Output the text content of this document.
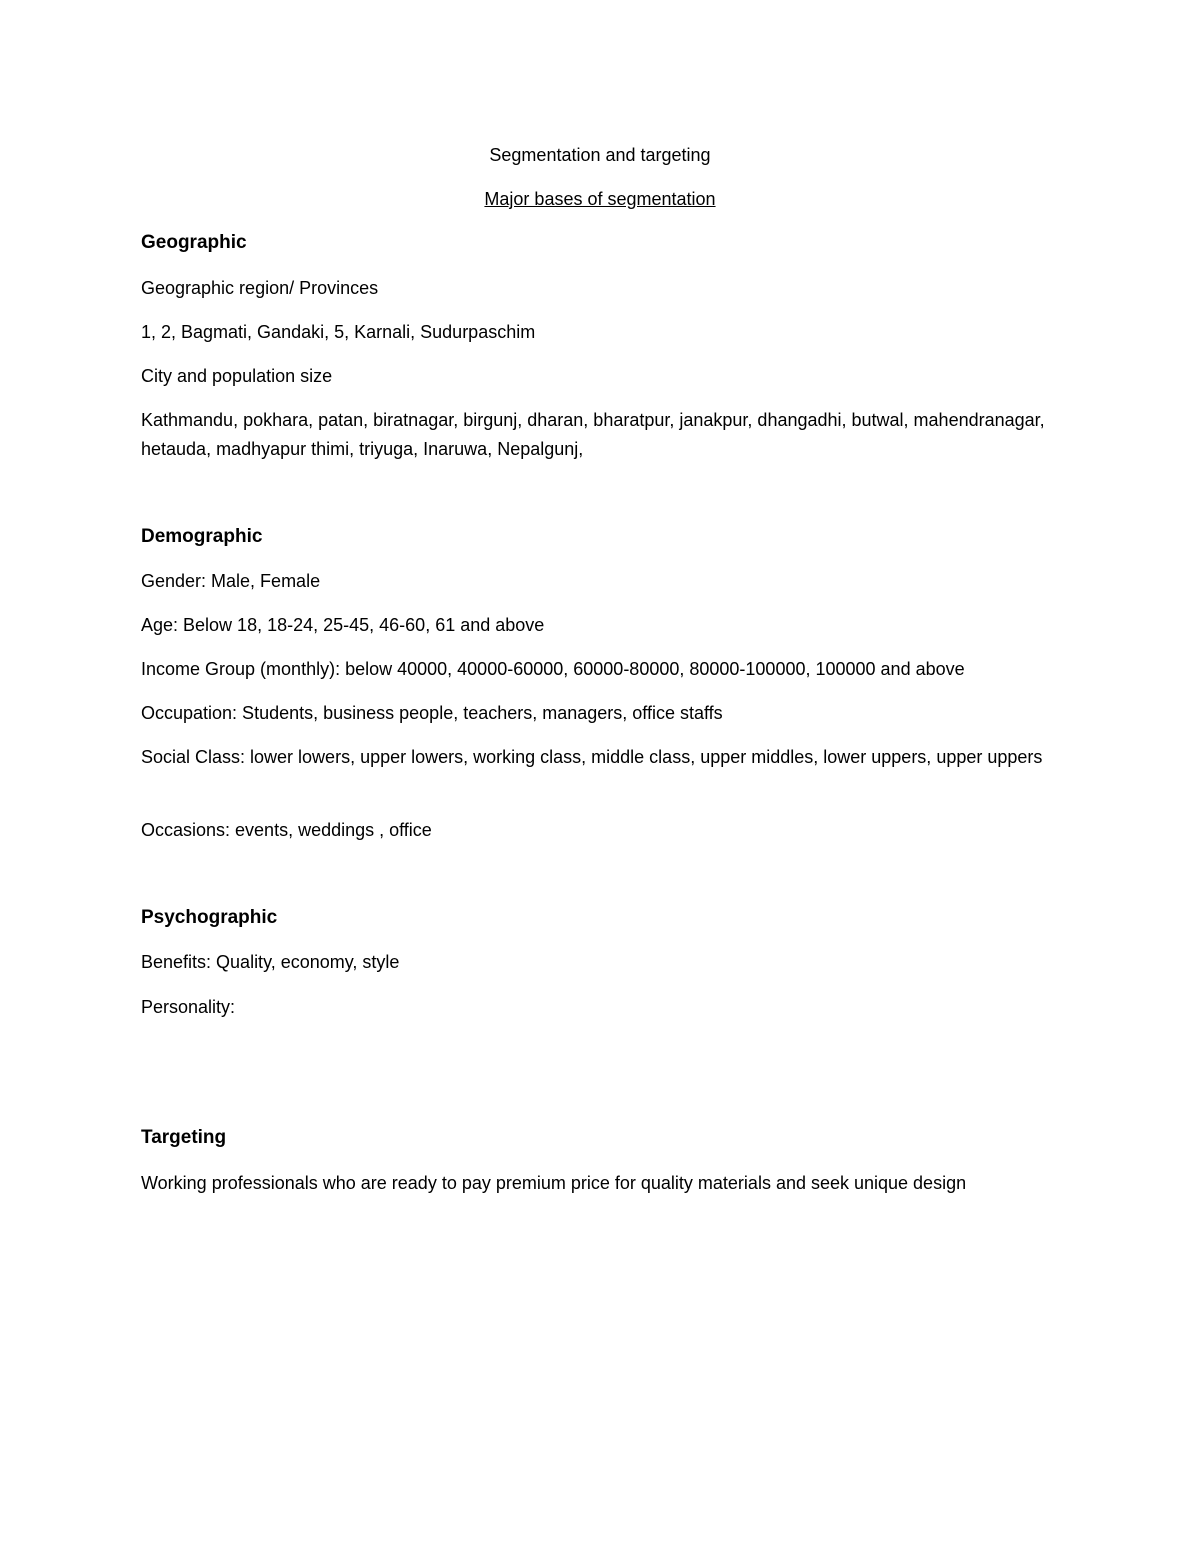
Segmentation and targeting
Major bases of segmentation
Geographic
Geographic region/ Provinces
1, 2, Bagmati, Gandaki, 5, Karnali, Sudurpaschim
City and population size
Kathmandu, pokhara, patan, biratnagar, birgunj, dharan, bharatpur, janakpur, dhangadhi, butwal, mahendranagar, hetauda, madhyapur thimi, triyuga, Inaruwa, Nepalgunj,
Demographic
Gender: Male, Female
Age: Below 18, 18-24, 25-45, 46-60, 61 and above
Income Group (monthly): below 40000, 40000-60000, 60000-80000, 80000-100000, 100000 and above
Occupation: Students, business people, teachers, managers, office staffs
Social Class: lower lowers, upper lowers, working class, middle class, upper middles, lower uppers, upper uppers
Occasions: events, weddings , office
Psychographic
Benefits: Quality, economy, style
Personality:
Targeting
Working professionals who are ready to pay premium price for quality materials and seek unique design
